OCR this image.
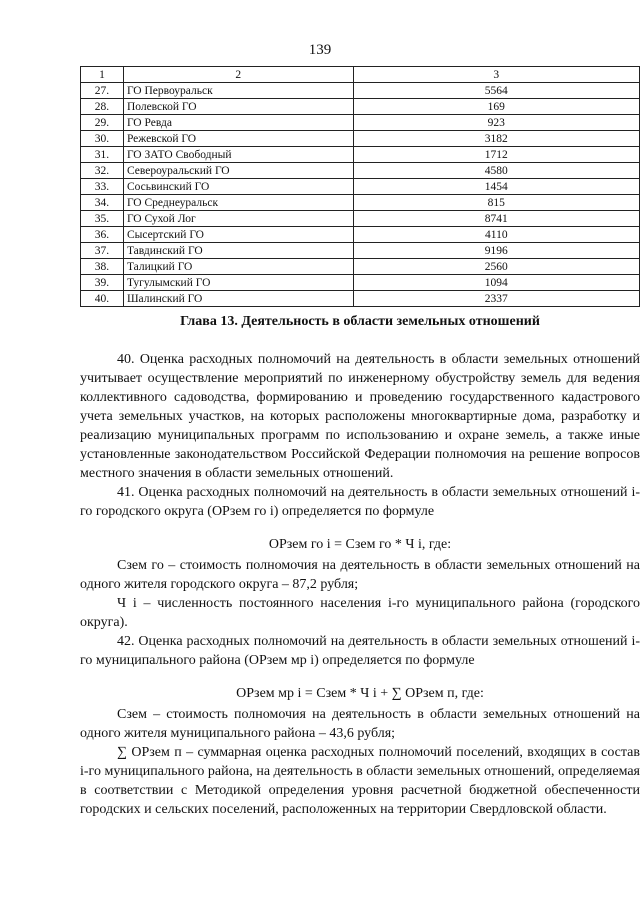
139
1	2	3
27.	ГО Первоуральск	5564
28.	Полевской ГО	169
29.	ГО Ревда	923
30.	Режевской ГО	3182
31.	ГО ЗАТО Свободный	1712
32.	Североуральский ГО	4580
33.	Сосьвинский ГО	1454
34.	ГО Среднеуральск	815
35.	ГО Сухой Лог	8741
36.	Сысертский ГО	4110
37.	Тавдинский ГО	9196
38.	Талицкий ГО	2560
39.	Тугулымский ГО	1094
40.	Шалинский ГО	2337
Глава 13. Деятельность в области земельных отношений

40. Оценка расходных полномочий на деятельность в области земельных отношений учитывает осуществление мероприятий по инженерному обустройству земель для ведения коллективного садоводства, формированию и проведению государственного кадастрового учета земельных участков, на которых расположены многоквартирные дома, разработку и реализацию муниципальных программ по использованию и охране земель, а также иные установленные законодательством Российской Федерации полномочия на решение вопросов местного значения в области земельных отношений.

41. Оценка расходных полномочий на деятельность в области земельных отношений i-го городского округа (ОРзем го i) определяется по формуле

ОРзем го i = Сзем го * Ч i, где:

Сзем го – стоимость полномочия на деятельность в области земельных отношений на одного жителя городского округа – 87,2 рубля;

Ч i – численность постоянного населения i-го муниципального района (городского округа).

42. Оценка расходных полномочий на деятельность в области земельных отношений i-го муниципального района (ОРзем мр i) определяется по формуле

ОРзем мр i = Сзем * Ч i + ∑ ОРзем п, где:

Сзем – стоимость полномочия на деятельность в области земельных отношений на одного жителя муниципального района – 43,6 рубля;

∑ ОРзем п – суммарная оценка расходных полномочий поселений, входящих в состав i-го муниципального района, на деятельность в области земельных отношений, определяемая в соответствии с Методикой определения уровня расчетной бюджетной обеспеченности городских и сельских поселений, расположенных на территории Свердловской области.
